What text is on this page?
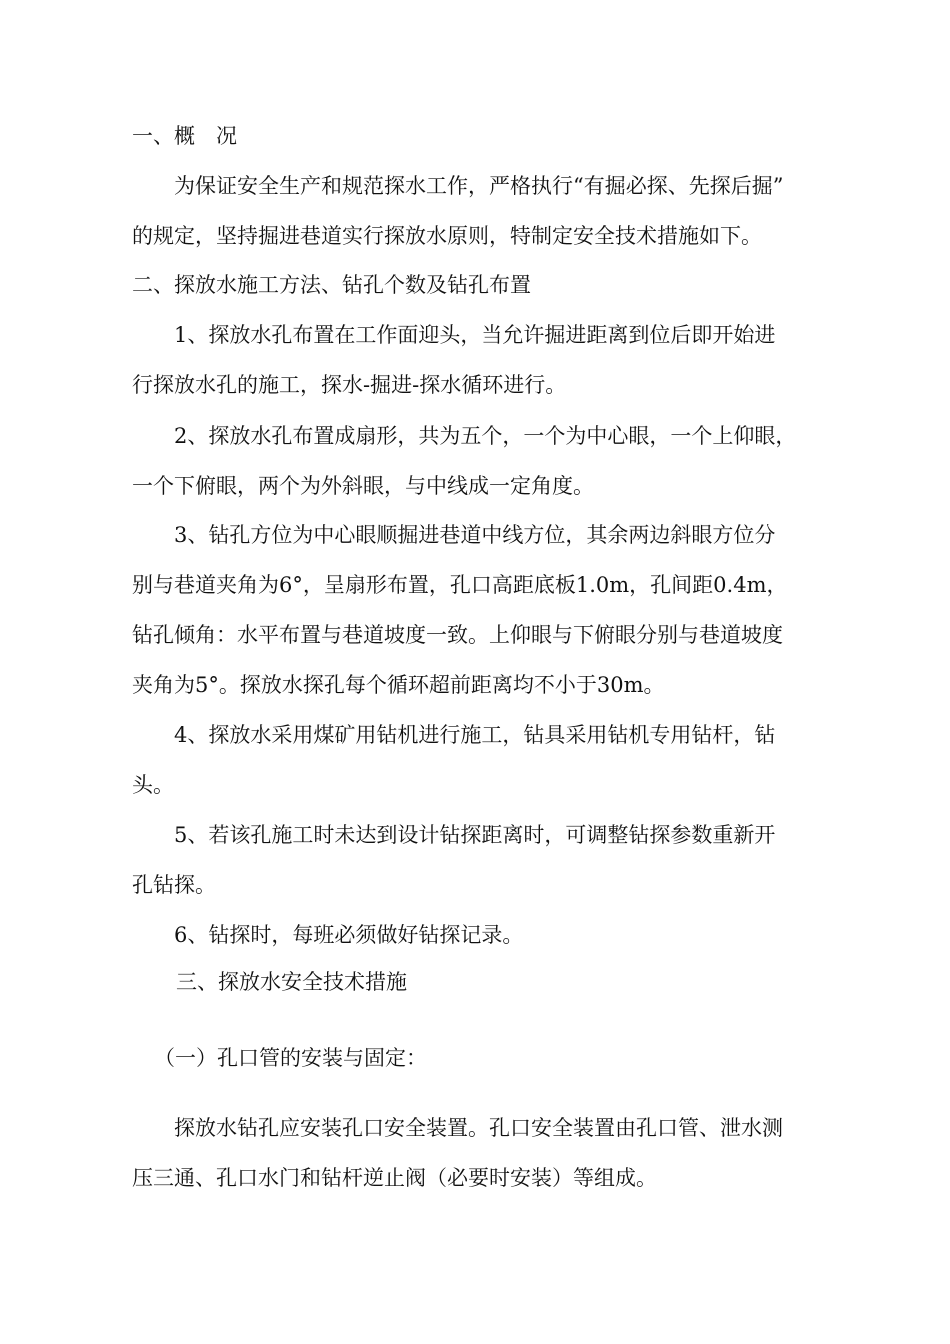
一、概　况
为保证安全生产和规范探水工作，严格执行“有掘必探、先探后掘”
的规定，坚持掘进巷道实行探放水原则，特制定安全技术措施如下。
二、探放水施工方法、钻孔个数及钻孔布置
1、探放水孔布置在工作面迎头，当允许掘进距离到位后即开始进
行探放水孔的施工，探水-掘进-探水循环进行。
2、探放水孔布置成扇形，共为五个，一个为中心眼，一个上仰眼，
一个下俯眼，两个为外斜眼，与中线成一定角度。
3、钻孔方位为中心眼顺掘进巷道中线方位，其余两边斜眼方位分
别与巷道夹角为6°，呈扇形布置，孔口高距底板1.0m，孔间距0.4m，
钻孔倾角：水平布置与巷道坡度一致。上仰眼与下俯眼分别与巷道坡度
夹角为5°。探放水探孔每个循环超前距离均不小于30m。
4、探放水采用煤矿用钻机进行施工，钻具采用钻机专用钻杆，钻
头。
5、若该孔施工时未达到设计钻探距离时，可调整钻探参数重新开
孔钻探。
6、钻探时，每班必须做好钻探记录。
三、探放水安全技术措施
（一）孔口管的安装与固定：
探放水钻孔应安装孔口安全装置。孔口安全装置由孔口管、泄水测
压三通、孔口水门和钻杆逆止阀（必要时安装）等组成。
